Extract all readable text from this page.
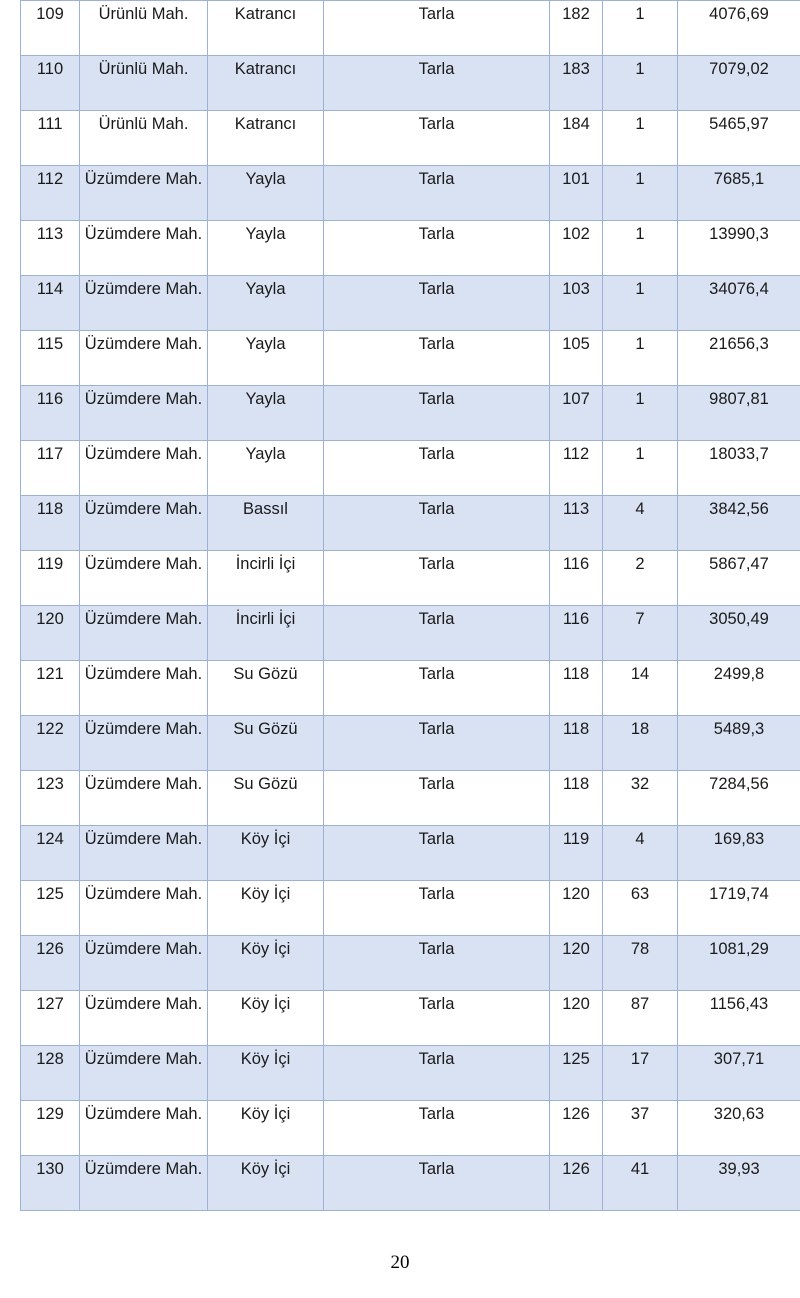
109	Ürünlü Mah.	Katrancı	Tarla	182	1	4076,69

110	Ürünlü Mah.	Katrancı	Tarla	183	1	7079,02

111	Ürünlü Mah.	Katrancı	Tarla	184	1	5465,97

112	Üzümdere Mah.	Yayla	Tarla	101	1	7685,1

113	Üzümdere Mah.	Yayla	Tarla	102	1	13990,3

114	Üzümdere Mah.	Yayla	Tarla	103	1	34076,4

115	Üzümdere Mah.	Yayla	Tarla	105	1	21656,3

116	Üzümdere Mah.	Yayla	Tarla	107	1	9807,81

117	Üzümdere Mah.	Yayla	Tarla	112	1	18033,7

118	Üzümdere Mah.	Bassıl	Tarla	113	4	3842,56

119	Üzümdere Mah.	İncirli İçi	Tarla	116	2	5867,47

120	Üzümdere Mah.	İncirli İçi	Tarla	116	7	3050,49

121	Üzümdere Mah.	Su Gözü	Tarla	118	14	2499,8

122	Üzümdere Mah.	Su Gözü	Tarla	118	18	5489,3

123	Üzümdere Mah.	Su Gözü	Tarla	118	32	7284,56

124	Üzümdere Mah.	Köy İçi	Tarla	119	4	169,83

125	Üzümdere Mah.	Köy İçi	Tarla	120	63	1719,74

126	Üzümdere Mah.	Köy İçi	Tarla	120	78	1081,29

127	Üzümdere Mah.	Köy İçi	Tarla	120	87	1156,43

128	Üzümdere Mah.	Köy İçi	Tarla	125	17	307,71

129	Üzümdere Mah.	Köy İçi	Tarla	126	37	320,63

130	Üzümdere Mah.	Köy İçi	Tarla	126	41	39,93
20
